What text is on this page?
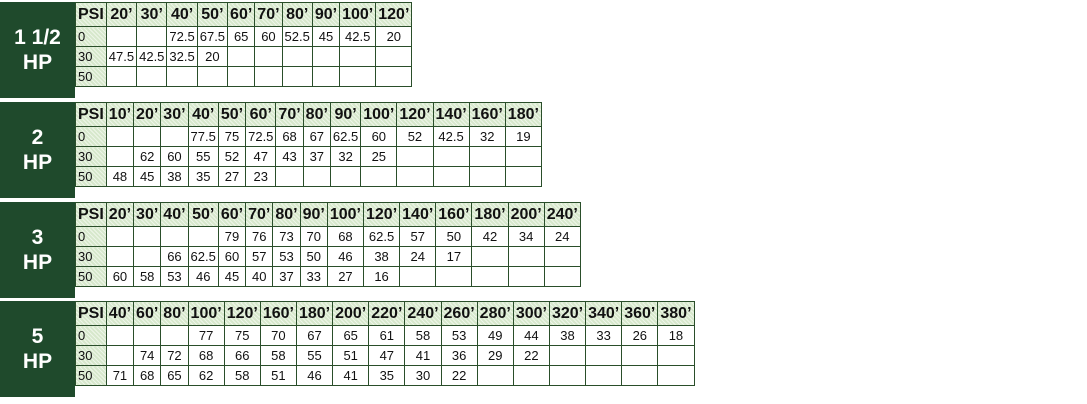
1 1/2
HP
PSI	20’	30’	40’	50’	60’	70’	80’	90’	100’	120’
0			72.5	67.5	65	60	52.5	45	42.5	20
30	47.5	42.5	32.5	20						
50										
2
HP
PSI	10’	20’	30’	40’	50’	60’	70’	80’	90’	100’	120’	140’	160’	180’
0				77.5	75	72.5	68	67	62.5	60	52	42.5	32	19
30		62	60	55	52	47	43	37	32	25				
50	48	45	38	35	27	23								
3
HP
PSI	20’	30’	40’	50’	60’	70’	80’	90’	100’	120’	140’	160’	180’	200’	240’
0					79	76	73	70	68	62.5	57	50	42	34	24
30			66	62.5	60	57	53	50	46	38	24	17			
50	60	58	53	46	45	40	37	33	27	16					
5
HP
PSI	40’	60’	80’	100’	120’	160’	180’	200’	220’	240’	260’	280’	300’	320’	340’	360’	380’
0				77	75	70	67	65	61	58	53	49	44	38	33	26	18
30		74	72	68	66	58	55	51	47	41	36	29	22				
50	71	68	65	62	58	51	46	41	35	30	22						
